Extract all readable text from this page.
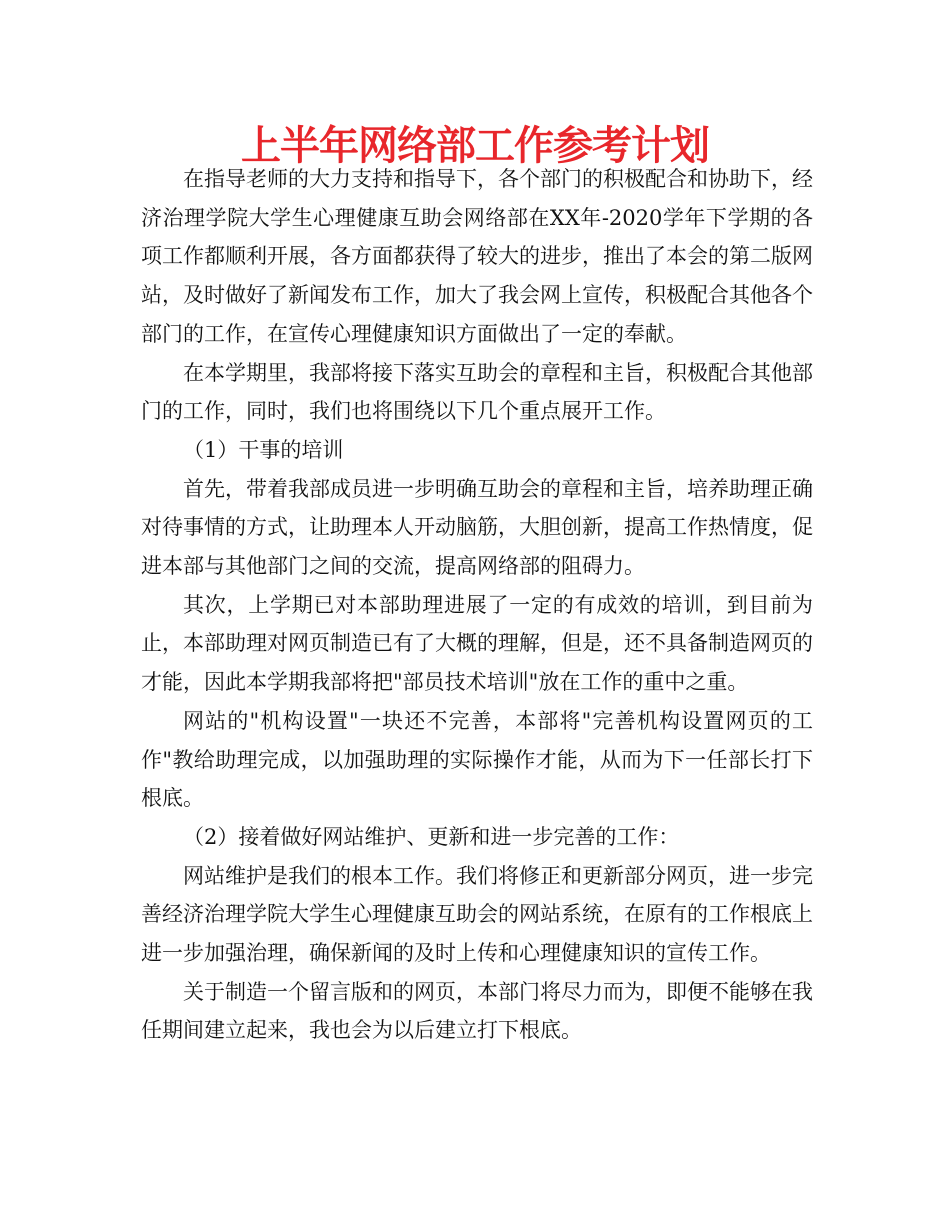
上半年网络部工作参考计划

在指导老师的大力支持和指导下，各个部门的积极配合和协助下，经济治理学院大学生心理健康互助会网络部在XX年-2020学年下学期的各项工作都顺利开展，各方面都获得了较大的进步，推出了本会的第二版网站，及时做好了新闻发布工作，加大了我会网上宣传，积极配合其他各个部门的工作，在宣传心理健康知识方面做出了一定的奉献。

在本学期里，我部将接下落实互助会的章程和主旨，积极配合其他部门的工作，同时，我们也将围绕以下几个重点展开工作。

（1）干事的培训

首先，带着我部成员进一步明确互助会的章程和主旨，培养助理正确对待事情的方式，让助理本人开动脑筋，大胆创新，提高工作热情度，促进本部与其他部门之间的交流，提高网络部的阻碍力。

其次，上学期已对本部助理进展了一定的有成效的培训，到目前为止，本部助理对网页制造已有了大概的理解，但是，还不具备制造网页的才能，因此本学期我部将把"部员技术培训"放在工作的重中之重。

网站的"机构设置"一块还不完善，本部将"完善机构设置网页的工作"教给助理完成，以加强助理的实际操作才能，从而为下一任部长打下根底。

（2）接着做好网站维护、更新和进一步完善的工作：

网站维护是我们的根本工作。我们将修正和更新部分网页，进一步完善经济治理学院大学生心理健康互助会的网站系统，在原有的工作根底上进一步加强治理，确保新闻的及时上传和心理健康知识的宣传工作。

关于制造一个留言版和的网页，本部门将尽力而为，即便不能够在我任期间建立起来，我也会为以后建立打下根底。
